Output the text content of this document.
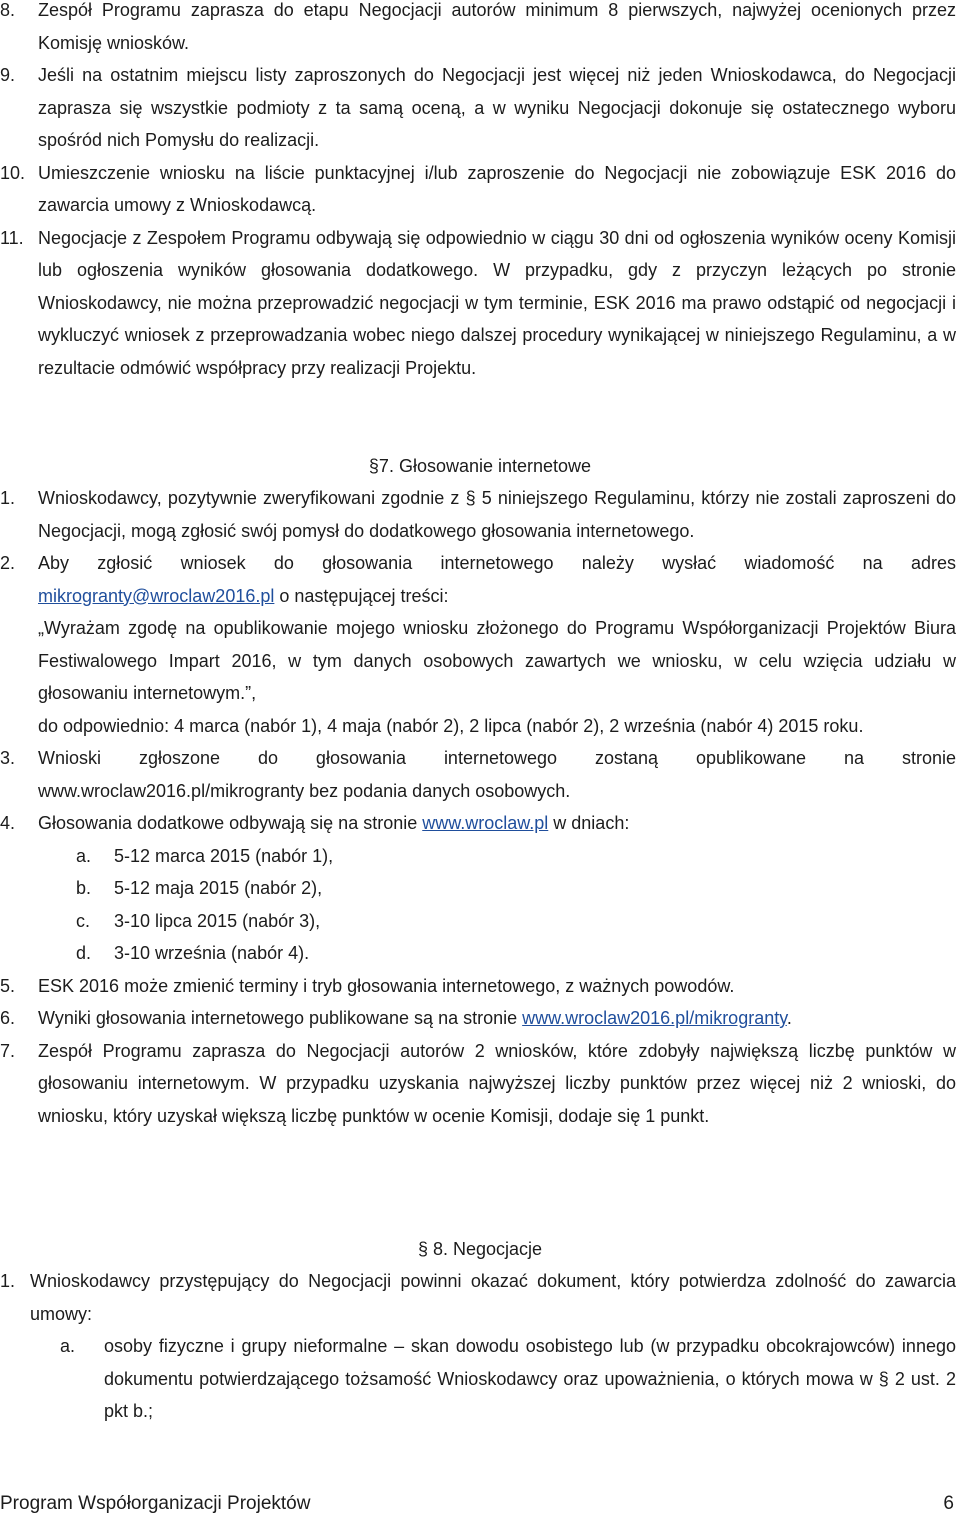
8.	Zespół Programu zaprasza do etapu Negocjacji autorów minimum 8 pierwszych, najwyżej ocenionych przez Komisję wniosków.
9.	Jeśli na ostatnim miejscu listy zaproszonych do Negocjacji jest więcej niż jeden Wnioskodawca, do Negocjacji zaprasza się wszystkie podmioty z ta samą oceną, a w wyniku Negocjacji dokonuje się ostatecznego wyboru spośród nich Pomysłu do realizacji.
10. Umieszczenie wniosku na liście punktacyjnej i/lub zaproszenie do Negocjacji nie zobowiązuje ESK 2016 do zawarcia umowy z Wnioskodawcą.
11. Negocjacje z Zespołem Programu odbywają się odpowiednio w ciągu 30 dni od ogłoszenia wyników oceny Komisji lub ogłoszenia wyników głosowania dodatkowego. W przypadku, gdy z przyczyn leżących po stronie Wnioskodawcy, nie można przeprowadzić negocjacji w tym terminie, ESK 2016 ma prawo odstąpić od negocjacji i wykluczyć wniosek z przeprowadzania wobec niego dalszej procedury wynikającej w niniejszego Regulaminu, a w rezultacie odmówić współpracy przy realizacji Projektu.
§7. Głosowanie internetowe
1.	Wnioskodawcy, pozytywnie zweryfikowani zgodnie z § 5 niniejszego Regulaminu, którzy nie zostali zaproszeni do Negocjacji, mogą zgłosić swój pomysł do dodatkowego głosowania internetowego.
2.	Aby zgłosić wniosek do głosowania internetowego należy wysłać wiadomość na adres mikrogranty@wroclaw2016.pl o następującej treści:
„Wyrażam zgodę na opublikowanie mojego wniosku złożonego do Programu Współorganizacji Projektów Biura Festiwalowego Impart 2016, w tym danych osobowych zawartych we wniosku, w celu wzięcia udziału w głosowaniu internetowym.”,
do odpowiednio: 4 marca (nabór 1), 4 maja (nabór 2), 2 lipca (nabór 2), 2 września (nabór 4) 2015 roku.
3.	Wnioski zgłoszone do głosowania internetowego zostaną opublikowane na stronie www.wroclaw2016.pl/mikrogranty bez podania danych osobowych.
4.	Głosowania dodatkowe odbywają się na stronie www.wroclaw.pl w dniach:
a.	5-12 marca 2015 (nabór 1),
b.	5-12 maja 2015 (nabór 2),
c.	3-10 lipca 2015 (nabór 3),
d.	3-10 września (nabór 4).
5.	ESK 2016 może zmienić terminy i tryb głosowania internetowego, z ważnych powodów.
6.	Wyniki głosowania internetowego publikowane są na stronie www.wroclaw2016.pl/mikrogranty.
7.	Zespół Programu zaprasza do Negocjacji autorów 2 wniosków, które zdobyły największą liczbę punktów w głosowaniu internetowym. W przypadku uzyskania najwyższej liczby punktów przez więcej niż 2 wnioski, do wniosku, który uzyskał większą liczbę punktów w ocenie Komisji, dodaje się 1 punkt.
§ 8. Negocjacje
1. Wnioskodawcy przystępujący do Negocjacji powinni okazać dokument, który potwierdza zdolność do zawarcia umowy:
a.	osoby fizyczne i grupy nieformalne – skan dowodu osobistego lub (w przypadku obcokrajowców) innego dokumentu potwierdzającego tożsamość Wnioskodawcy oraz upoważnienia, o których mowa w § 2 ust. 2 pkt b.;
Program Współorganizacji Projektów	6
